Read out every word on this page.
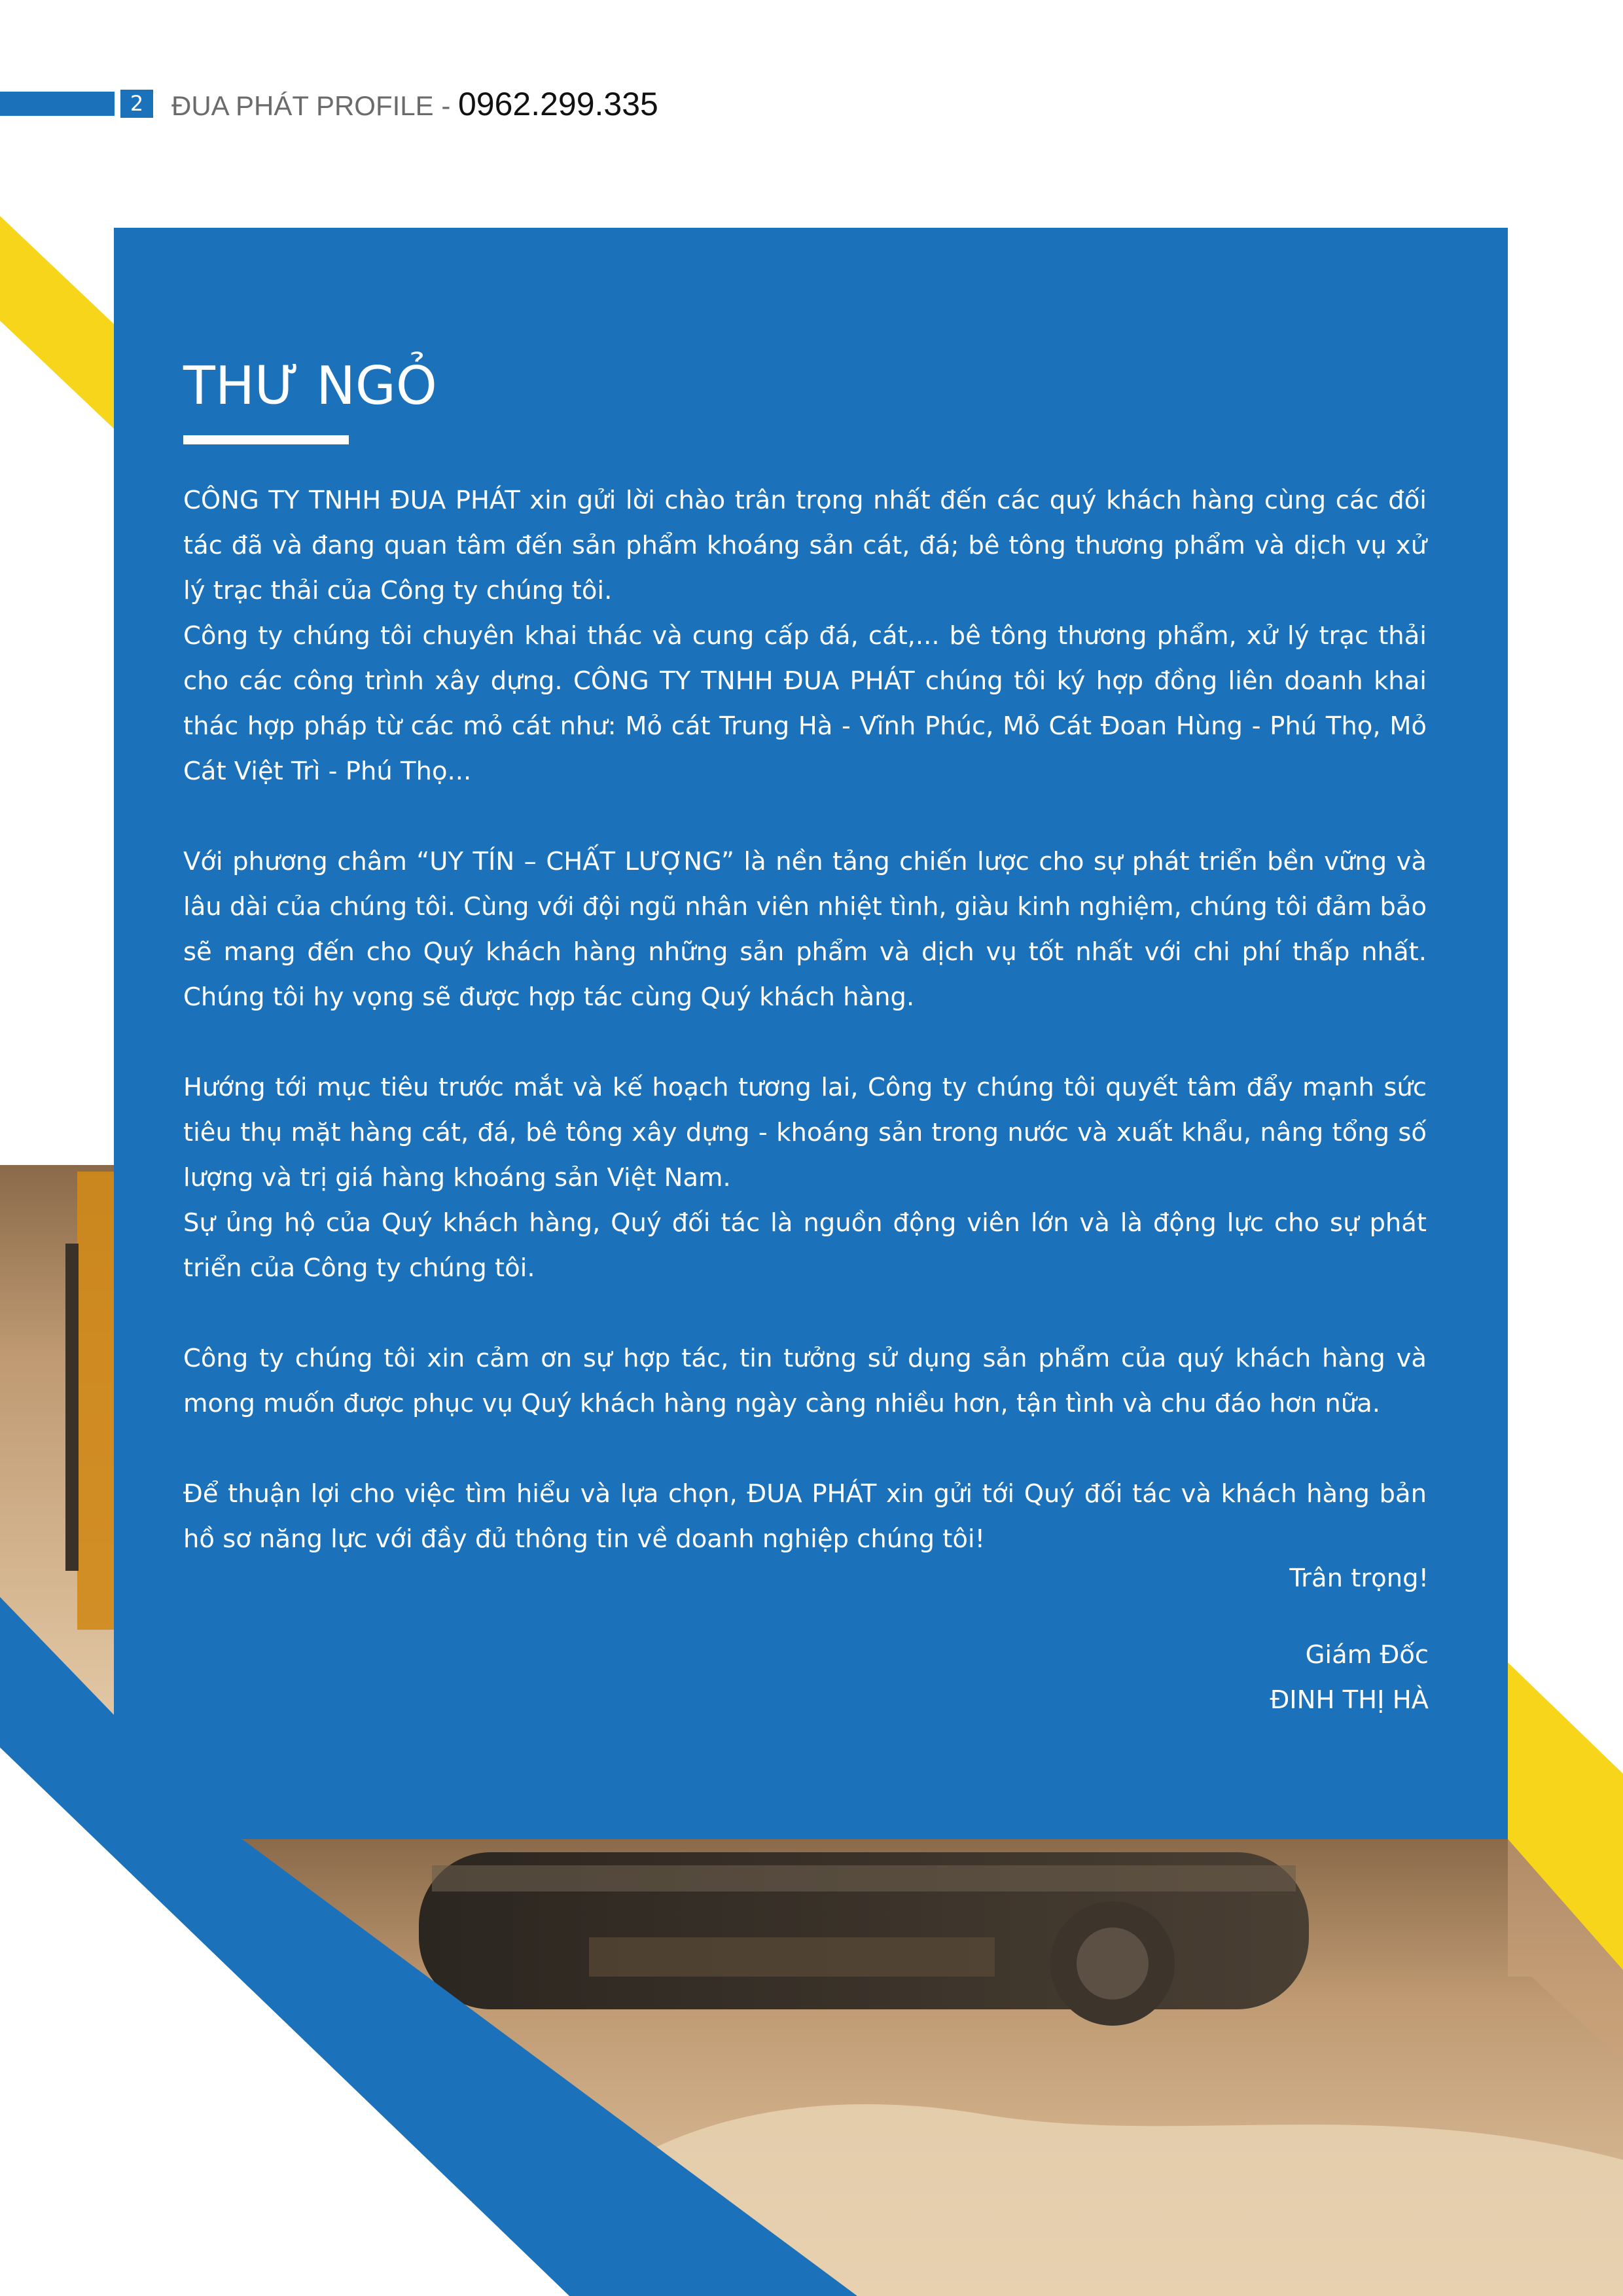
2	ĐUA PHÁT PROFILE - 0962.299.335
THƯ NGỎ

CÔNG TY TNHH ĐUA PHÁT xin gửi lời chào trân trọng nhất đến các quý khách hàng cùng các đối tác đã và đang quan tâm đến sản phẩm khoáng sản cát, đá; bê tông thương phẩm và dịch vụ xử lý trạc thải của Công ty chúng tôi.

Công ty chúng tôi chuyên khai thác và cung cấp đá, cát,... bê tông thương phẩm, xử lý trạc thải cho các công trình xây dựng. CÔNG TY TNHH ĐUA PHÁT chúng tôi ký hợp đồng liên doanh khai thác hợp pháp từ các mỏ cát như: Mỏ cát Trung Hà - Vĩnh Phúc, Mỏ Cát Đoan Hùng - Phú Thọ, Mỏ Cát Việt Trì - Phú Thọ...

Với phương châm “UY TÍN – CHẤT LƯỢNG” là nền tảng chiến lược cho sự phát triển bền vững và lâu dài của chúng tôi. Cùng với đội ngũ nhân viên nhiệt tình, giàu kinh nghiệm, chúng tôi đảm bảo sẽ mang đến cho Quý khách hàng những sản phẩm và dịch vụ tốt nhất với chi phí thấp nhất. Chúng tôi hy vọng sẽ được hợp tác cùng Quý khách hàng.

Hướng tới mục tiêu trước mắt và kế hoạch tương lai, Công ty chúng tôi quyết tâm đẩy mạnh sức tiêu thụ mặt hàng cát, đá, bê tông xây dựng - khoáng sản trong nước và xuất khẩu, nâng tổng số lượng và trị giá hàng khoáng sản Việt Nam.

Sự ủng hộ của Quý khách hàng, Quý đối tác là nguồn động viên lớn và là động lực cho sự phát triển của Công ty chúng tôi.

Công ty chúng tôi xin cảm ơn sự hợp tác, tin tưởng sử dụng sản phẩm của quý khách hàng và mong muốn được phục vụ Quý khách hàng ngày càng nhiều hơn, tận tình và chu đáo hơn nữa.

Để thuận lợi cho việc tìm hiểu và lựa chọn, ĐUA PHÁT xin gửi tới Quý đối tác và khách hàng bản hồ sơ năng lực với đầy đủ thông tin về doanh nghiệp chúng tôi!

Trân trọng!
Giám Đốc
ĐINH THỊ HÀ
